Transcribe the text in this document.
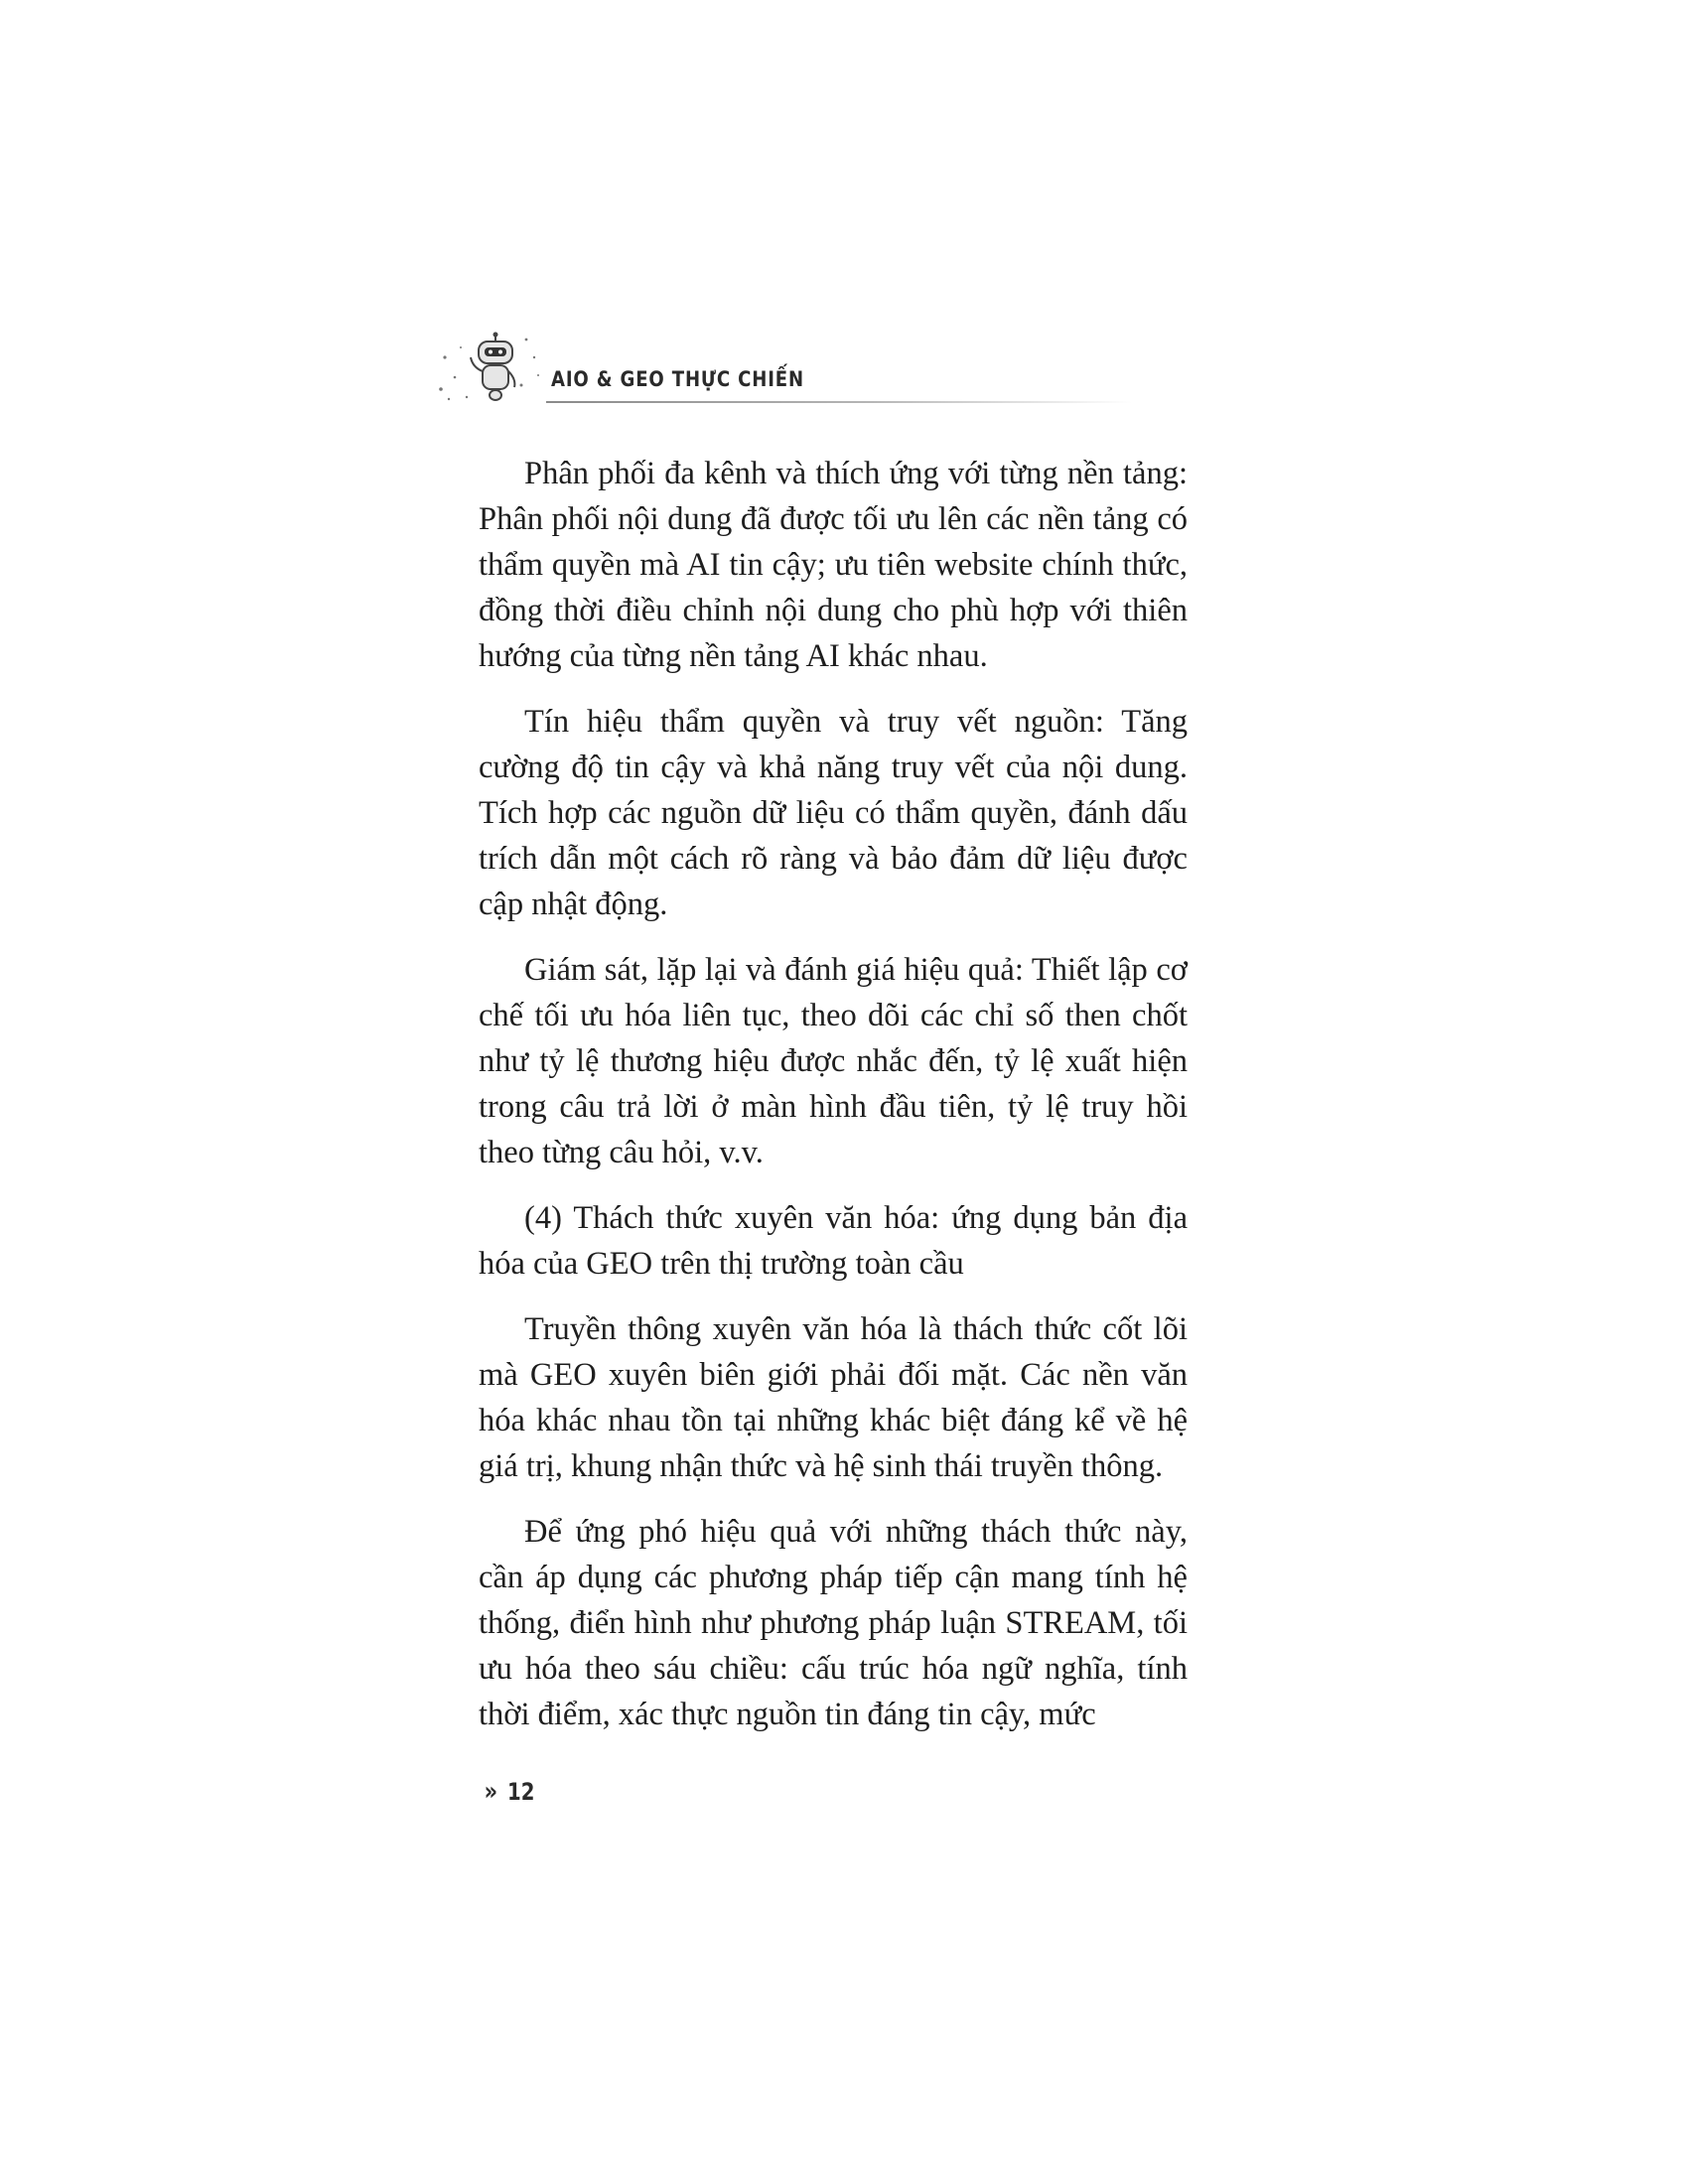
AIO & GEO THỰC CHIẾN

Phân phối đa kênh và thích ứng với từng nền tảng: Phân phối nội dung đã được tối ưu lên các nền tảng có thẩm quyền mà AI tin cậy; ưu tiên website chính thức, đồng thời điều chỉnh nội dung cho phù hợp với thiên hướng của từng nền tảng AI khác nhau.

Tín hiệu thẩm quyền và truy vết nguồn: Tăng cường độ tin cậy và khả năng truy vết của nội dung. Tích hợp các nguồn dữ liệu có thẩm quyền, đánh dấu trích dẫn một cách rõ ràng và bảo đảm dữ liệu được cập nhật động.

Giám sát, lặp lại và đánh giá hiệu quả: Thiết lập cơ chế tối ưu hóa liên tục, theo dõi các chỉ số then chốt như tỷ lệ thương hiệu được nhắc đến, tỷ lệ xuất hiện trong câu trả lời ở màn hình đầu tiên, tỷ lệ truy hồi theo từng câu hỏi, v.v.

(4) Thách thức xuyên văn hóa: ứng dụng bản địa hóa của GEO trên thị trường toàn cầu

Truyền thông xuyên văn hóa là thách thức cốt lõi mà GEO xuyên biên giới phải đối mặt. Các nền văn hóa khác nhau tồn tại những khác biệt đáng kể về hệ giá trị, khung nhận thức và hệ sinh thái truyền thông.

Để ứng phó hiệu quả với những thách thức này, cần áp dụng các phương pháp tiếp cận mang tính hệ thống, điển hình như phương pháp luận STREAM, tối ưu hóa theo sáu chiều: cấu trúc hóa ngữ nghĩa, tính thời điểm, xác thực nguồn tin đáng tin cậy, mức

» 12
